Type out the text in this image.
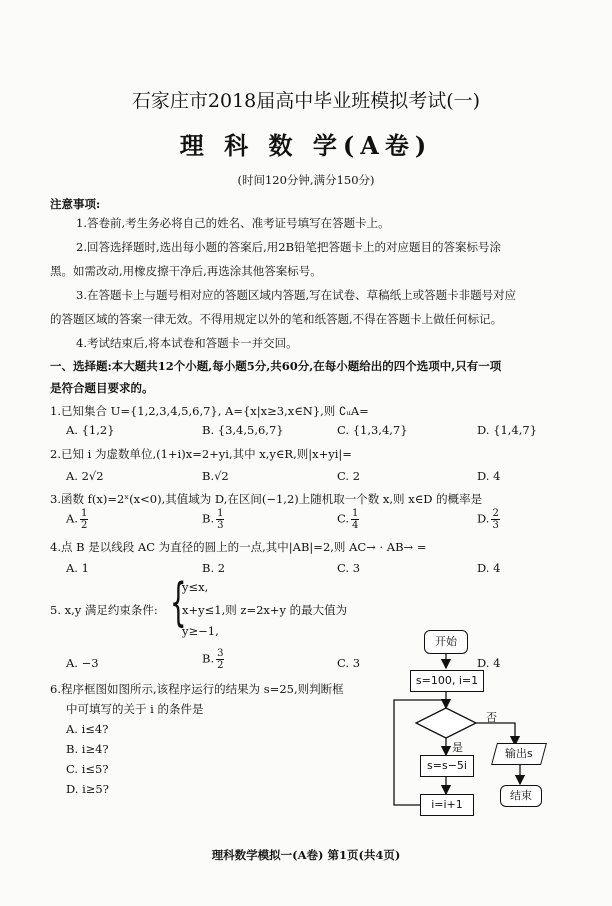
石家庄市2018届高中毕业班模拟考试(一)
理 科 数 学(A卷)
(时间120分钟,满分150分)
注意事项:
1.答卷前,考生务必将自己的姓名、准考证号填写在答题卡上。
2.回答选择题时,选出每小题的答案后,用2B铅笔把答题卡上的对应题目的答案标号涂
黑。如需改动,用橡皮擦干净后,再选涂其他答案标号。
3.在答题卡上与题号相对应的答题区域内答题,写在试卷、草稿纸上或答题卡非题号对应
的答题区域的答案一律无效。不得用规定以外的笔和纸答题,不得在答题卡上做任何标记。
4.考试结束后,将本试卷和答题卡一并交回。
一、选择题:本大题共12个小题,每小题5分,共60分,在每小题给出的四个选项中,只有一项
是符合题目要求的。
1.已知集合 U={1,2,3,4,5,6,7}, A={x|x≥3,x∈N},则 ∁ᵤA=
A. {1,2}	B. {3,4,5,6,7}	C. {1,3,4,7}	D. {1,4,7}
2.已知 i 为虚数单位,(1+i)x=2+yi,其中 x,y∈R,则|x+yi|=
A. 2√2	B.√2	C. 2	D. 4
3.函数 f(x)=2ˣ(x<0),其值域为 D,在区间(−1,2)上随机取一个数 x,则 x∈D 的概率是
A. $\frac{1}{2}$	B. $\frac{1}{3}$	C. $\frac{1}{4}$	D. $\frac{2}{3}$
4.点 B 是以线段 AC 为直径的圆上的一点,其中|AB|=2,则 AC→ · AB→ =
A. 1	B. 2	C. 3	D. 4
5. x,y 满足约束条件: {
y≤x,
x+y≤1,则 z=2x+y 的最大值为
y≥−1,
A. −3	B. $\frac{3}{2}$	C. 3	D. 4
6.程序框图如图所示,该程序运行的结果为 s=25,则判断框
中可填写的关于 i 的条件是
A. i≤4?
B. i≥4?
C. i≤5?
D. i≥5?
开始
s=100, i=1
s=s−5i
i=i+1
输出s
结束
否
是
理科数学模拟一(A卷) 第1页(共4页)
